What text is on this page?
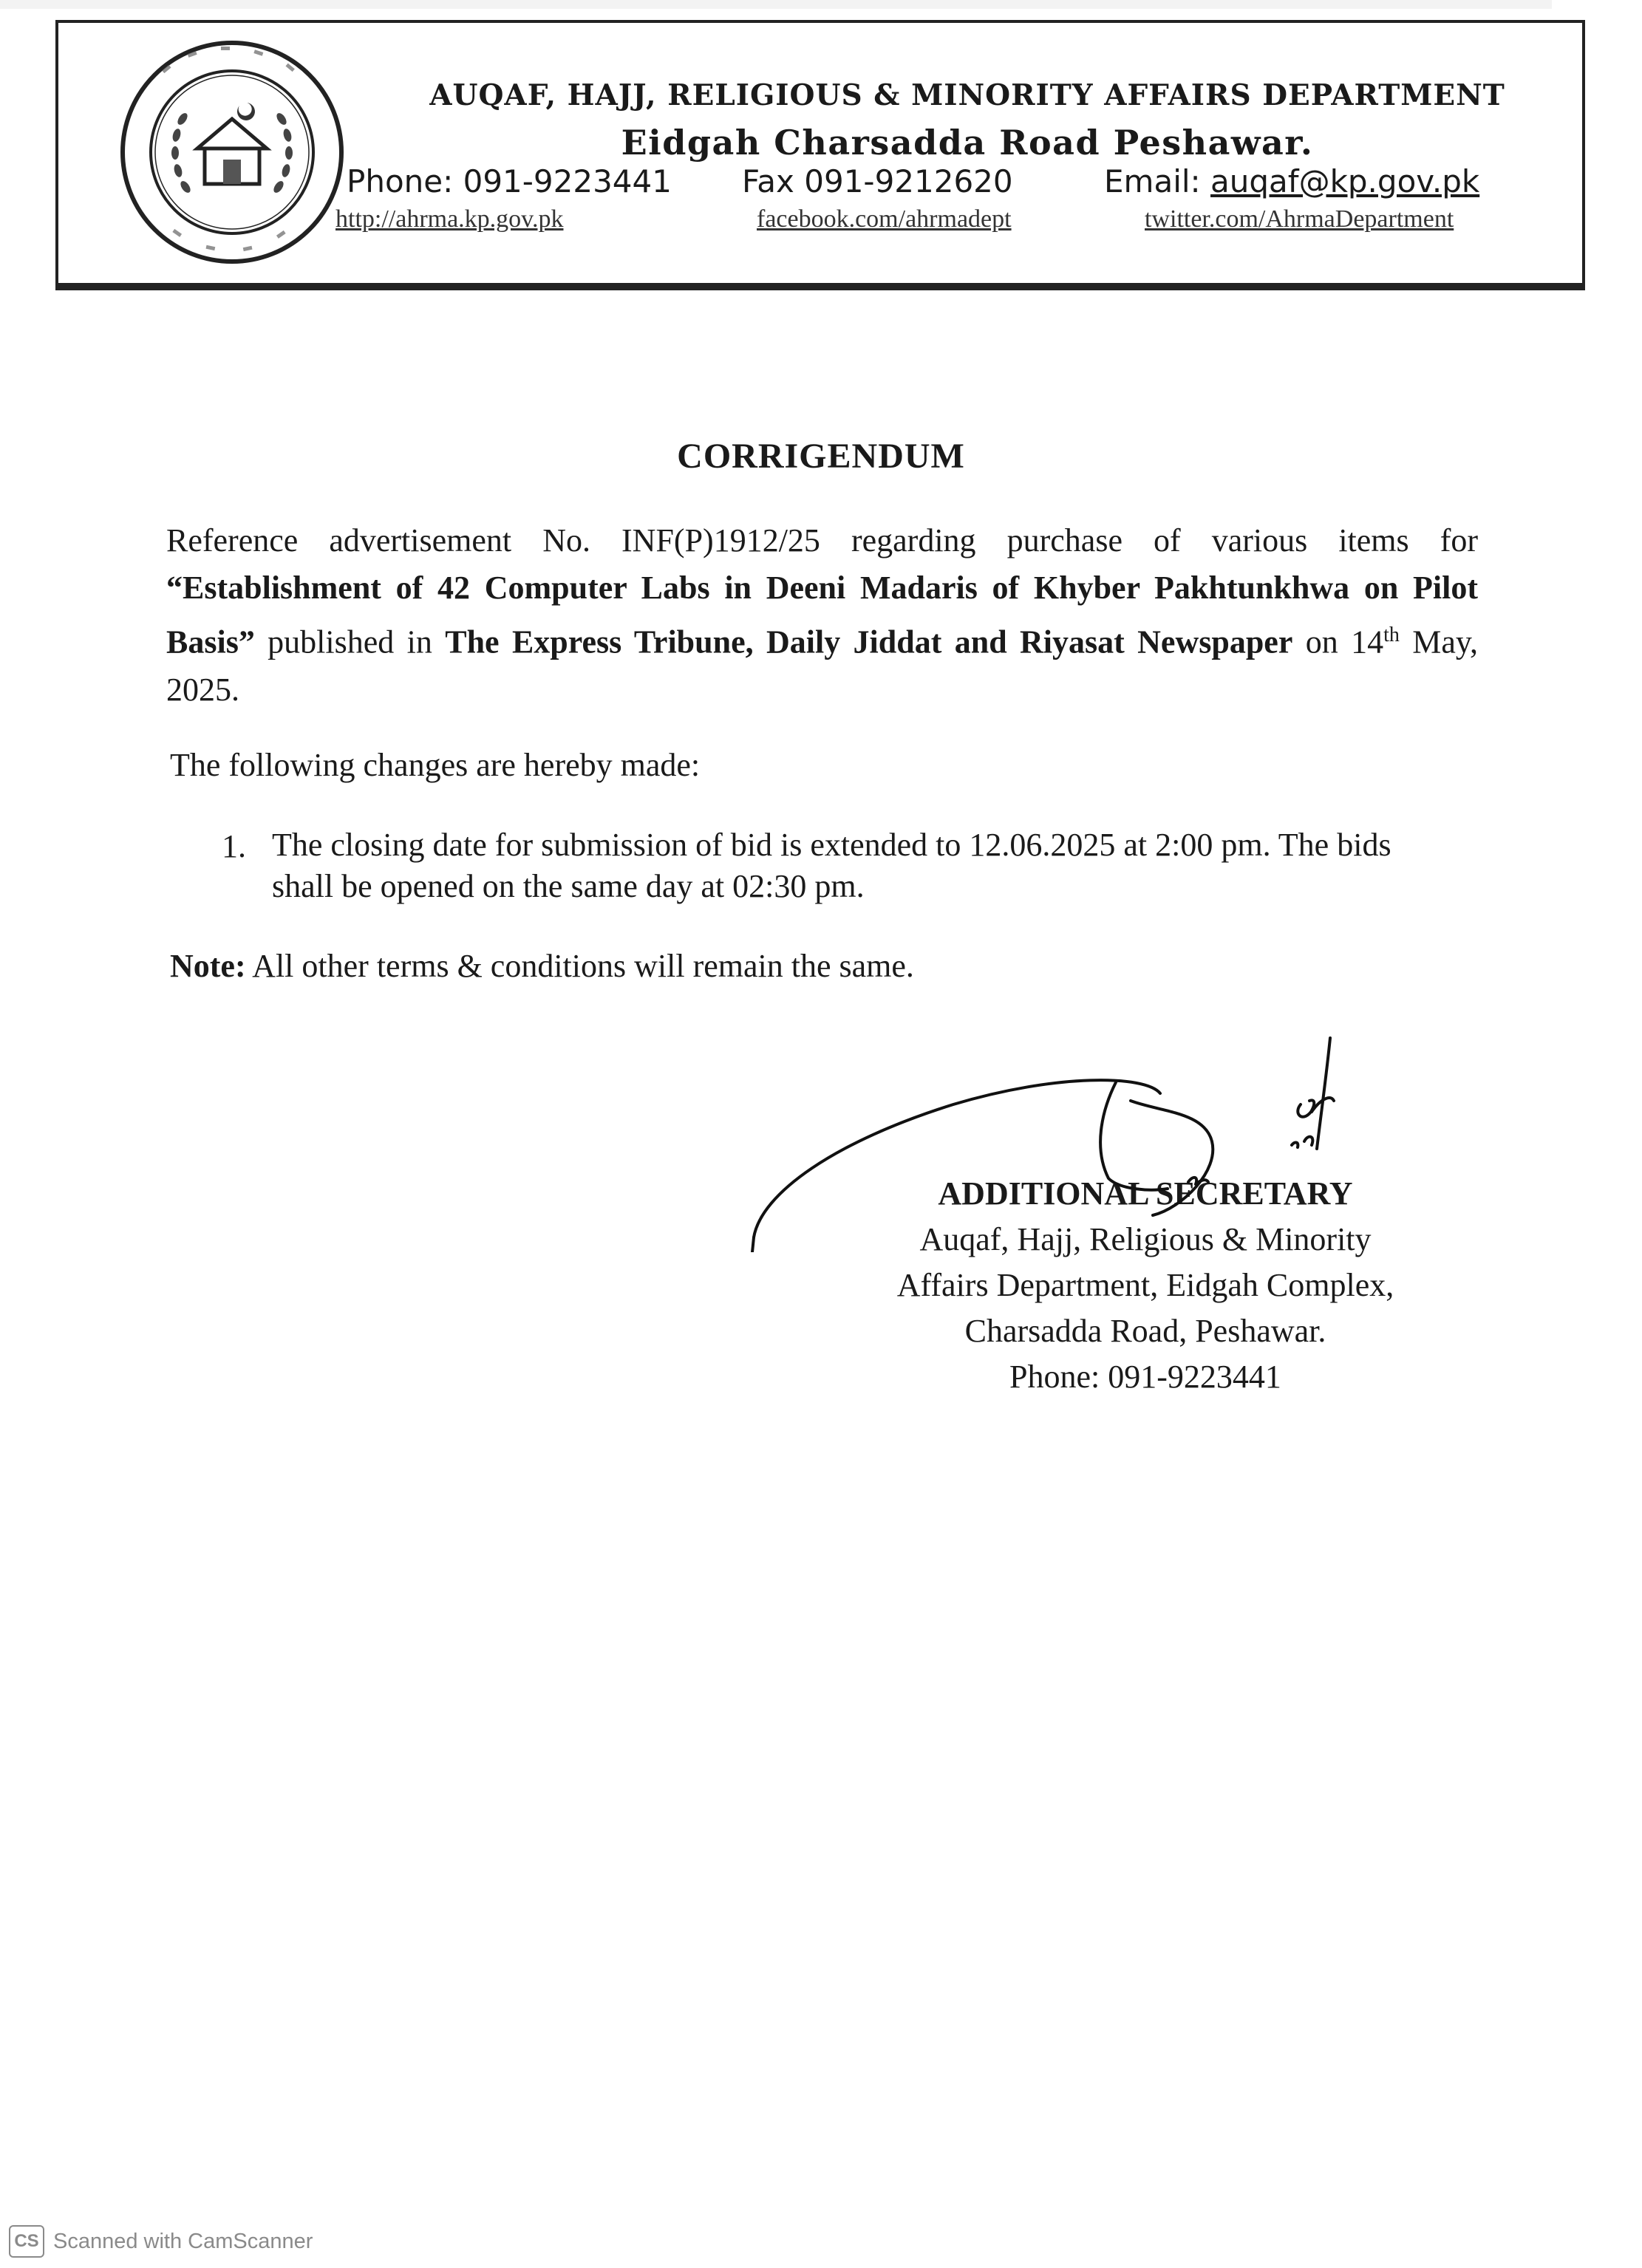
AUQAF, HAJJ, RELIGIOUS & MINORITY AFFAIRS DEPARTMENT
Eidgah Charsadda Road Peshawar.
Phone: 091-9223441 Fax 091-9212620	Email: auqaf@kp.gov.pk
http://ahrma.kp.gov.pk	facebook.com/ahrmadept	twitter.com/AhrmaDepartment
CORRIGENDUM
Reference advertisement No. INF(P)1912/25 regarding purchase of various items for “Establishment of 42 Computer Labs in Deeni Madaris of Khyber Pakhtunkhwa on Pilot Basis” published in The Express Tribune, Daily Jiddat and Riyasat Newspaper on 14th May, 2025.
The following changes are hereby made:
1. The closing date for submission of bid is extended to 12.06.2025 at 2:00 pm. The bids shall be opened on the same day at 02:30 pm.
Note: All other terms & conditions will remain the same.
ADDITIONAL SECRETARY
Auqaf, Hajj, Religious & Minority
Affairs Department, Eidgah Complex,
Charsadda Road, Peshawar.
Phone: 091-9223441
CS Scanned with CamScanner
